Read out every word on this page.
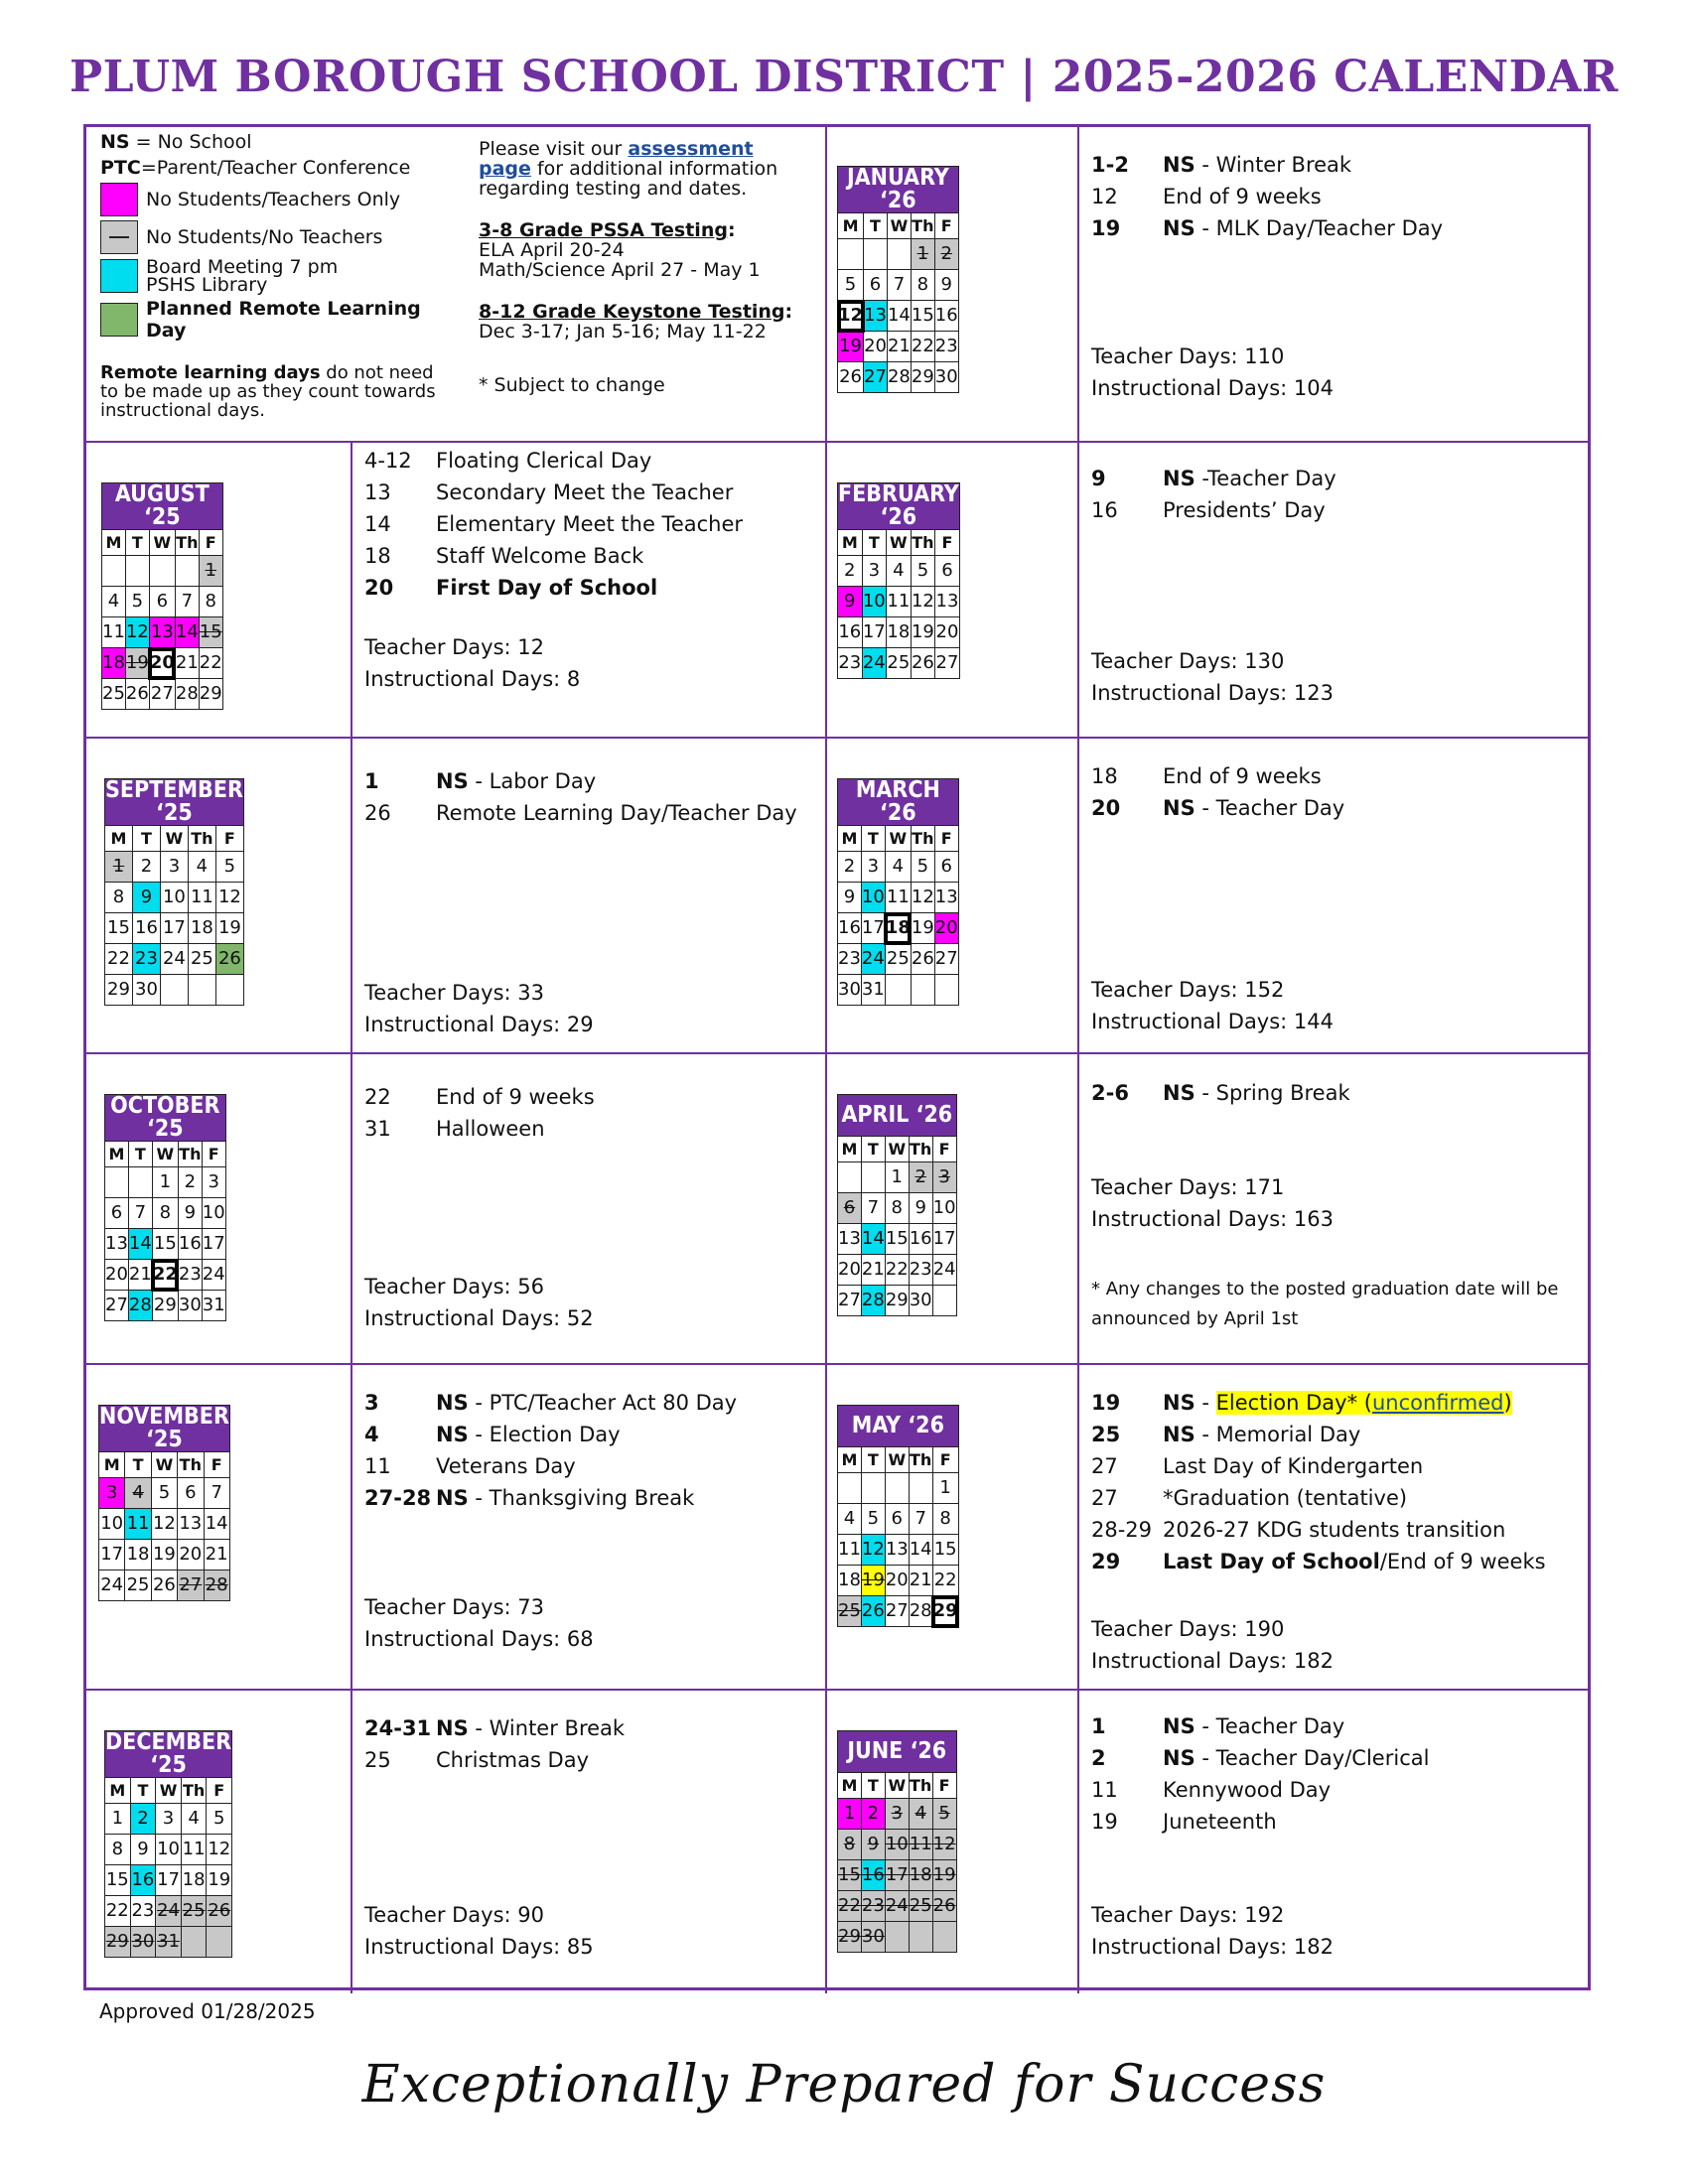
PLUM BOROUGH SCHOOL DISTRICT | 2025-2026 CALENDAR
NS = No School
PTC=Parent/Teacher Conference
No Students/Teachers Only
No Students/No Teachers
Board Meeting 7 pm
PSHS Library
Planned Remote Learning Day
Remote learning days do not need to be made up as they count towards instructional days.
Please visit our assessment page for additional information regarding testing and dates.
3-8 Grade PSSA Testing:
ELA April 20-24
Math/Science April 27 - May 1
8-12 Grade Keystone Testing:
Dec 3-17; Jan 5-16; May 11-22
* Subject to change
JANUARY ‘26				
M	T	W	Th	F
			1	2
5	6	7	8	9
12	13	14	15	16
19	20	21	22	23
26	27	28	29	30
1-2	NS - Winter Break
12	End of 9 weeks
19	NS - MLK Day/Teacher Day
Teacher Days: 110
Instructional Days: 104
AUGUST ‘25				
M	T	W	Th	F
				1
4	5	6	7	8
11	12	13	14	15
18	19	20	21	22
25	26	27	28	29
4-12	Floating Clerical Day
13	Secondary Meet the Teacher
14	Elementary Meet the Teacher
18	Staff Welcome Back
20	First Day of School
Teacher Days: 12
Instructional Days: 8
FEBRUARY ‘26				
M	T	W	Th	F
2	3	4	5	6
9	10	11	12	13
16	17	18	19	20
23	24	25	26	27
9	NS -Teacher Day
16	Presidents’ Day
Teacher Days: 130
Instructional Days: 123
SEPTEMBER ‘25				
M	T	W	Th	F
1	2	3	4	5
8	9	10	11	12
15	16	17	18	19
22	23	24	25	26
29	30			
1	NS - Labor Day
26	Remote Learning Day/Teacher Day
Teacher Days: 33
Instructional Days: 29
MARCH ‘26				
M	T	W	Th	F
2	3	4	5	6
9	10	11	12	13
16	17	18	19	20
23	24	25	26	27
30	31			
18	End of 9 weeks
20	NS - Teacher Day
Teacher Days: 152
Instructional Days: 144
OCTOBER ‘25				
M	T	W	Th	F
		1	2	3
6	7	8	9	10
13	14	15	16	17
20	21	22	23	24
27	28	29	30	31
22	End of 9 weeks
31	Halloween
Teacher Days: 56
Instructional Days: 52
APRIL ‘26				
M	T	W	Th	F
		1	2	3
6	7	8	9	10
13	14	15	16	17
20	21	22	23	24
27	28	29	30	
2-6	NS - Spring Break
Teacher Days: 171
Instructional Days: 163
* Any changes to the posted graduation date will be announced by April 1st
NOVEMBER ‘25				
M	T	W	Th	F
3	4	5	6	7
10	11	12	13	14
17	18	19	20	21
24	25	26	27	28
3	NS - PTC/Teacher Act 80 Day
4	NS - Election Day
11	Veterans Day
27-28 NS - Thanksgiving Break
Teacher Days: 73
Instructional Days: 68
MAY ‘26				
M	T	W	Th	F
				1
4	5	6	7	8
11	12	13	14	15
18	19	20	21	22
25	26	27	28	29
19	NS - Election Day* (unconfirmed)
25	NS - Memorial Day
27	Last Day of Kindergarten
27	*Graduation (tentative)
28-29 2026-27 KDG students transition
29	Last Day of School/End of 9 weeks
Teacher Days: 190
Instructional Days: 182
DECEMBER ‘25				
M	T	W	Th	F
1	2	3	4	5
8	9	10	11	12
15	16	17	18	19
22	23	24	25	26
29	30	31		
24-31 NS - Winter Break
25	Christmas Day
Teacher Days: 90
Instructional Days: 85
JUNE ‘26				
M	T	W	Th	F
1	2	3	4	5
8	9	10	11	12
15	16	17	18	19
22	23	24	25	26
29	30			
1	NS - Teacher Day
2	NS - Teacher Day/Clerical
11	Kennywood Day
19	Juneteenth
Teacher Days: 192
Instructional Days: 182
Approved 01/28/2025
Exceptionally Prepared for Success
